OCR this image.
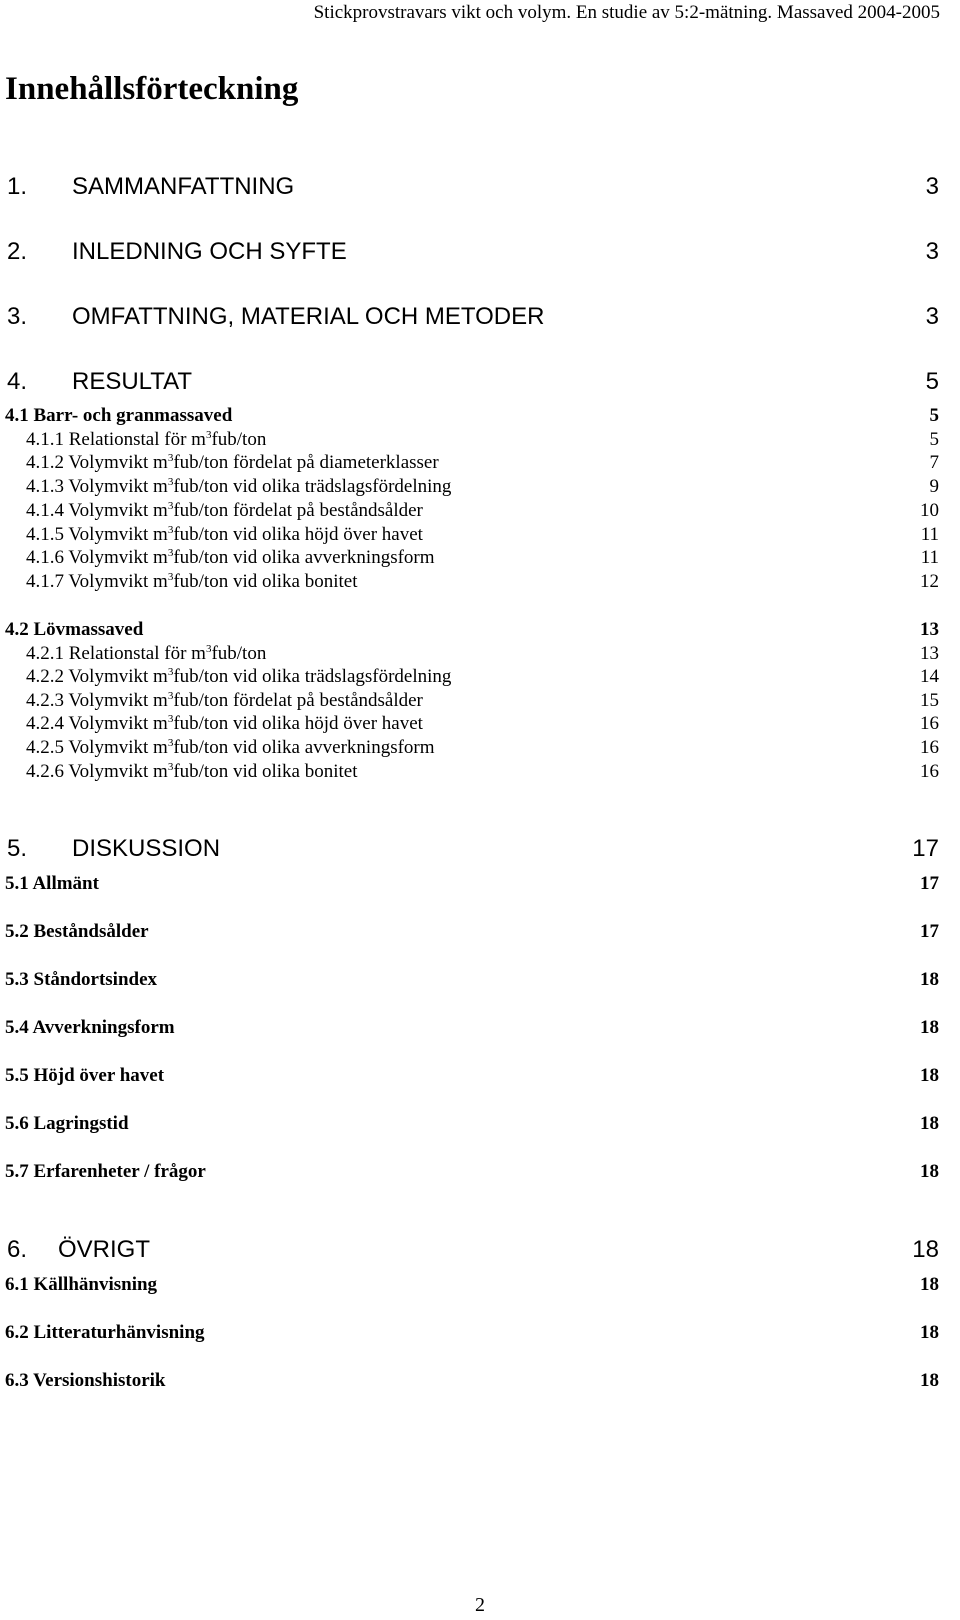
Stickprovstravars vikt och volym. En studie av 5:2-mätning. Massaved 2004-2005
Innehållsförteckning
1. SAMMANFATTNING	3
2. INLEDNING OCH SYFTE	3
3. OMFATTNING, MATERIAL OCH METODER	3
4. RESULTAT	5
4.1 Barr- och granmassaved	5
4.1.1 Relationstal för $m^3fub$/ton	5
4.1.2 Volymvikt $m^3fub$/ton fördelat på diameterklasser	7
4.1.3 Volymvikt $m^3fub$/ton vid olika trädslagsfördelning	9
4.1.4 Volymvikt $m^3fub$/ton fördelat på beståndsålder	10
4.1.5 Volymvikt $m^3fub$/ton vid olika höjd över havet	11
4.1.6 Volymvikt $m^3fub$/ton vid olika avverkningsform	11
4.1.7 Volymvikt $m^3fub$/ton vid olika bonitet	12
4.2 Lövmassaved	13
4.2.1 Relationstal för $m^3fub$/ton	13
4.2.2 Volymvikt $m^3fub$/ton vid olika trädslagsfördelning	14
4.2.3 Volymvikt $m^3fub$/ton fördelat på beståndsålder	15
4.2.4 Volymvikt $m^3fub$/ton vid olika höjd över havet	16
4.2.5 Volymvikt $m^3fub$/ton vid olika avverkningsform	16
4.2.6 Volymvikt $m^3fub$/ton vid olika bonitet	16
5. DISKUSSION	17
5.1 Allmänt	17
5.2 Beståndsålder	17
5.3 Ståndortsindex	18
5.4 Avverkningsform	18
5.5 Höjd över havet	18
5.6 Lagringstid	18
5.7 Erfarenheter / frågor	18
6. ÖVRIGT	18
6.1 Källhänvisning	18
6.2 Litteraturhänvisning	18
6.3 Versionshistorik	18
2
